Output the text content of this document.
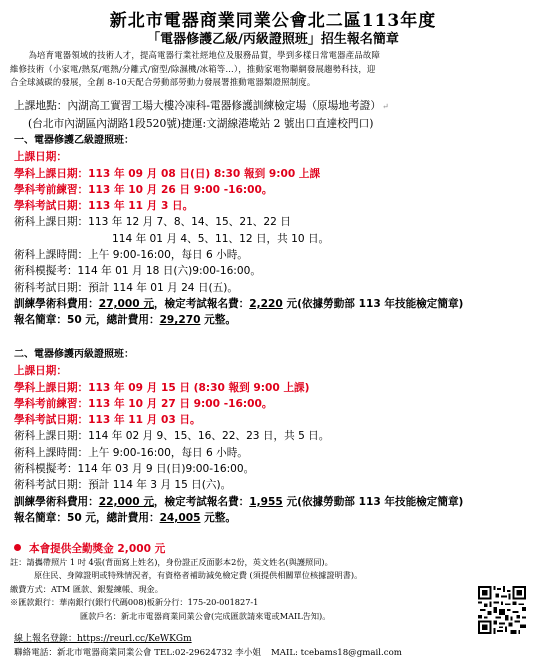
新北市電器商業同業公會北二區113年度
「電器修護乙級/丙級證照班」招生報名簡章

為培育電器領域的技術人才，提高電器行業社經地位及服務品質，學到多樣日常電器產品故障

維修技術（小家電/熱泵/電熱/分離式/窗型/除濕機/冰箱等…），推動家電物聯網發展趨勢科技，迎

合全球減碳的發展，全創 8-10天配合勞動部勞動力發展署推動電器類證照制度。

上課地點：內湖高工實習工場大樓冷凍科-電器修護訓練檢定場（原場地考證）↵

(台北市內湖區內湖路1段520號)捷運:文湖線港墘站 2 號出口直達校門口)

一、電器修護乙級證照班：

上課日期：

學科上課日期：113 年 09 月 08 日(日) 8:30 報到 9:00 上課

學科考前練習：113 年 10 月 26 日 9:00 -16:00。

學科考試日期：113 年 11 月 3 日。

術科上課日期：113 年 12 月 7、8、14、15、21、22 日

114 年 01 月 4、5、11、12 日，共 10 日。

術科上課時間：上午 9:00-16:00，每日 6 小時。

術科模擬考：114 年 01 月 18 日(六)9:00-16:00。

術科考試日期：預計 114 年 01 月 24 日(五)。

訓練學術科費用：27,000 元，檢定考試報名費：2,220 元(依據勞動部 113 年技能檢定簡章)

報名簡章：50 元，總計費用：29,270 元整。

二、電器修護丙級證照班：

上課日期：

學科上課日期：113 年 09 月 15 日 (8:30 報到 9:00 上課)

學科考前練習：113 年 10 月 27 日 9:00 -16:00。

學科考試日期：113 年 11 月 03 日。

術科上課日期：114 年 02 月 9、15、16、22、23 日，共 5 日。

術科上課時間：上午 9:00-16:00，每日 6 小時。

術科模擬考：114 年 03 月 9 日(日)9:00-16:00。

術科考試日期：預計 114 年 3 月 15 日(六)。

訓練學術科費用：22,000 元，檢定考試報名費：1,955 元(依據勞動部 113 年技能檢定簡章)

報名簡章：50 元，總計費用：24,005 元整。

本會提供全勤獎金 2,000 元

註：請攜帶照片 1 吋 4張(背面寫上姓名)，身份證正反面影本2份，英文姓名(與護照同)。

原住民、身障證明或特殊情況者，有資格者補助減免檢定費 (須提供相關單位核據證明書)。

繳費方式：ATM 匯款、銀髮練帳、現金。

※匯款銀行：華南銀行(銀行代碼008)板新分行：175-20-001827-1

匯款戶名：新北市電器商業同業公會(完成匯款請來電或MAIL告知)。

線上報名登錄：https://reurl.cc/KeWKGm
聯絡電話：新北市電器商業同業公會 TEL:02-29624732 李小姐 MAIL: tcebams18@gmail.com
